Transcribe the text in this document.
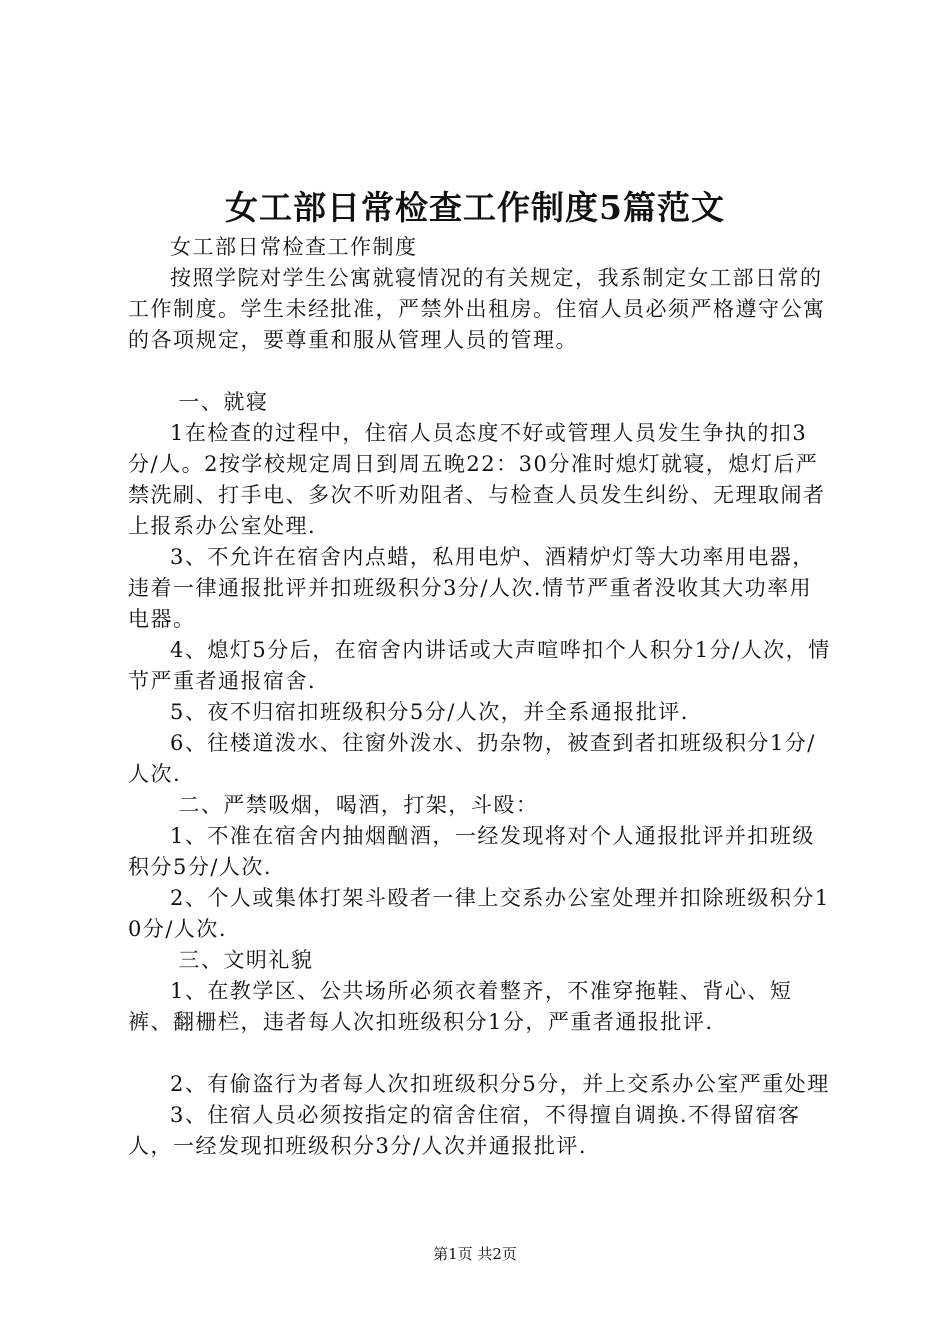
女工部日常检查工作制度5篇范文

女工部日常检查工作制度

按照学院对学生公寓就寝情况的有关规定，我系制定女工部日常的工作制度。学生未经批准，严禁外出租房。住宿人员必须严格遵守公寓的各项规定，要尊重和服从管理人员的管理。

一、就寝

1在检查的过程中，住宿人员态度不好或管理人员发生争执的扣3分/人。2按学校规定周日到周五晚22：30分准时熄灯就寝，熄灯后严禁洗刷、打手电、多次不听劝阻者、与检查人员发生纠纷、无理取闹者上报系办公室处理.

3、不允许在宿舍内点蜡，私用电炉、酒精炉灯等大功率用电器，违着一律通报批评并扣班级积分3分/人次.情节严重者没收其大功率用电器。

4、熄灯5分后，在宿舍内讲话或大声喧哗扣个人积分1分/人次，情节严重者通报宿舍.

5、夜不归宿扣班级积分5分/人次，并全系通报批评.

6、往楼道泼水、往窗外泼水、扔杂物，被查到者扣班级积分1分/人次.

二、严禁吸烟，喝酒，打架，斗殴：

1、不准在宿舍内抽烟酗酒，一经发现将对个人通报批评并扣班级积分5分/人次.

2、个人或集体打架斗殴者一律上交系办公室处理并扣除班级积分10分/人次.

三、文明礼貌

1、在教学区、公共场所必须衣着整齐，不准穿拖鞋、背心、短裤、翻栅栏，违者每人次扣班级积分1分，严重者通报批评.

2、有偷盗行为者每人次扣班级积分5分，并上交系办公室严重处理

3、住宿人员必须按指定的宿舍住宿，不得擅自调换.不得留宿客人，一经发现扣班级积分3分/人次并通报批评.

第1页 共2页
